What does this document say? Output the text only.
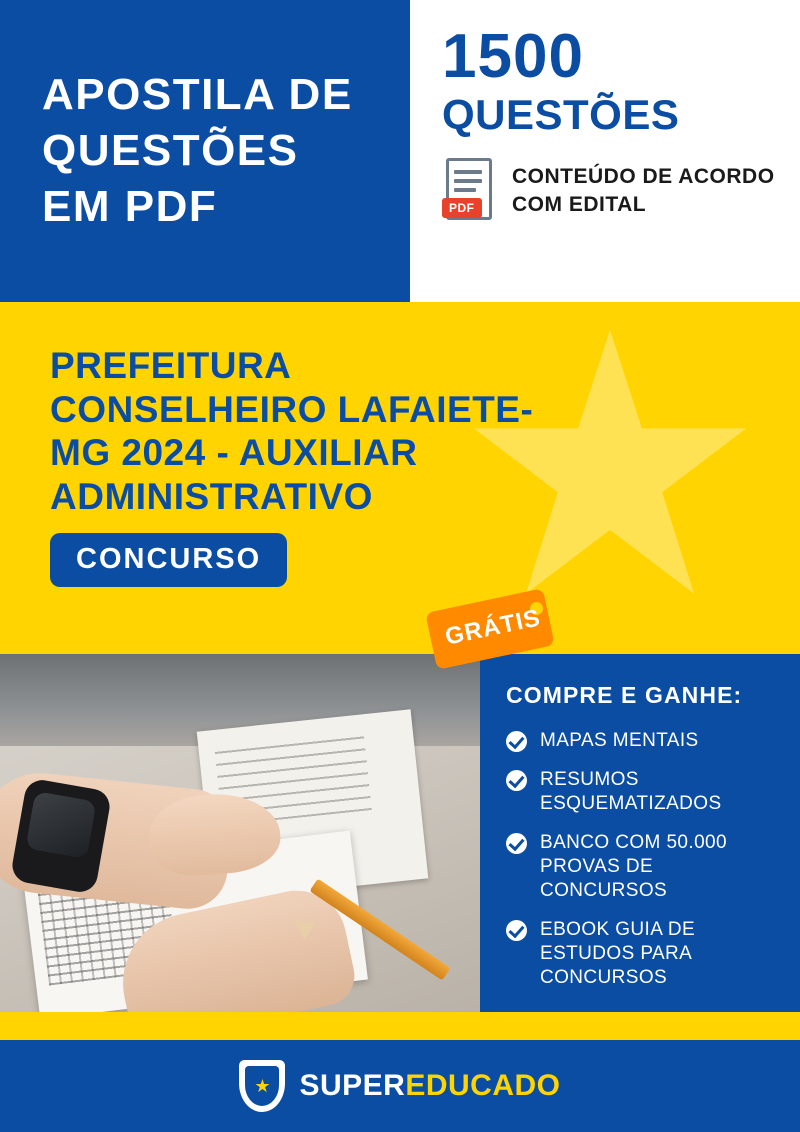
APOSTILA DE
QUESTÕES
EM PDF
1500
QUESTÕES
PDF
CONTEÚDO DE ACORDO COM EDITAL
PREFEITURA CONSELHEIRO LAFAIETE-MG 2024 - AUXILIAR ADMINISTRATIVO
CONCURSO
GRÁTIS
COMPRE E GANHE:
MAPAS MENTAIS
RESUMOS ESQUEMATIZADOS
BANCO COM 50.000 PROVAS DE CONCURSOS
EBOOK GUIA DE ESTUDOS PARA CONCURSOS
★ SUPEREDUCADO
